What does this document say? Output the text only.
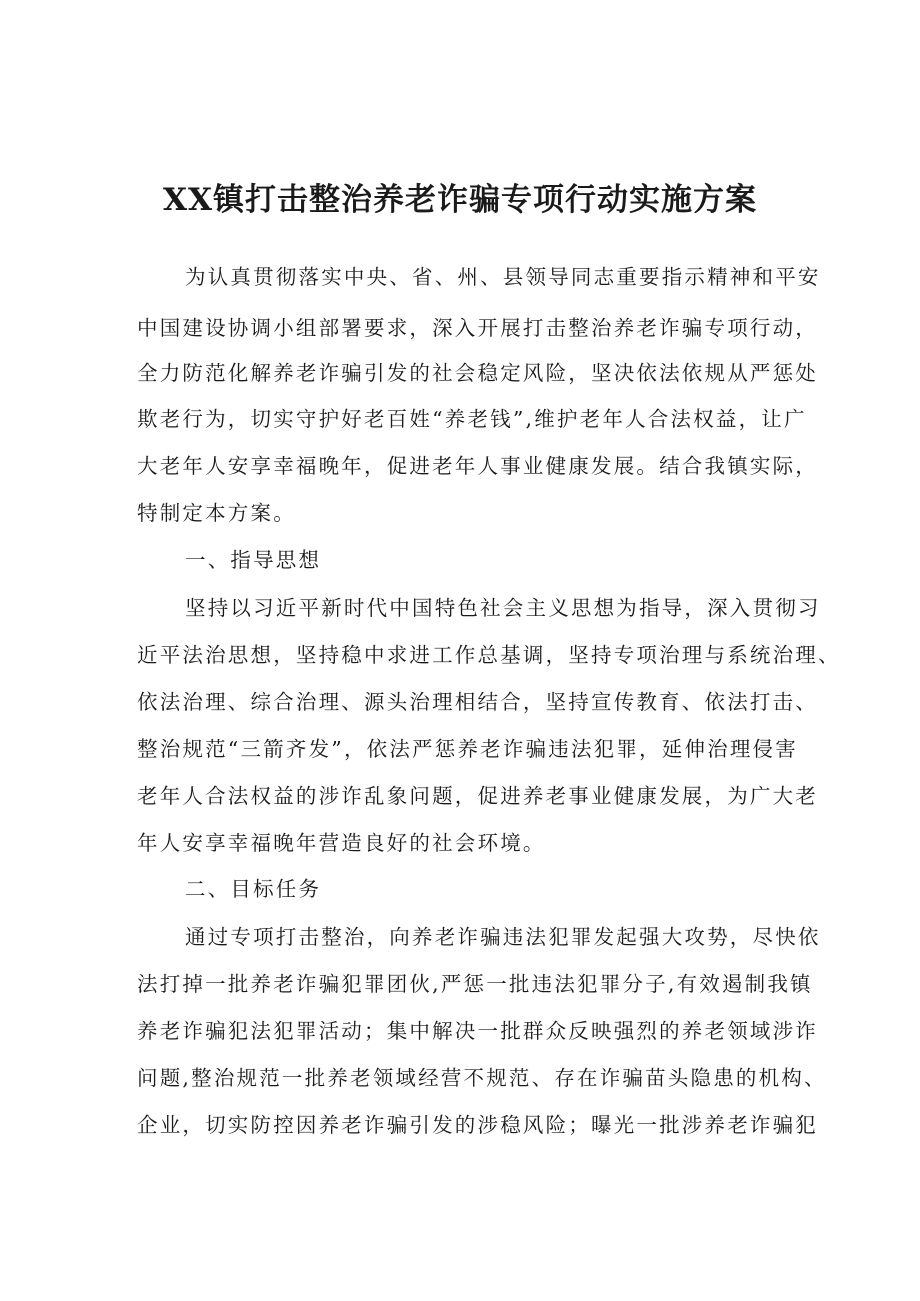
XX镇打击整治养老诈骗专项行动实施方案
为认真贯彻落实中央、省、州、县领导同志重要指示精神和平安
中国建设协调小组部署要求，深入开展打击整治养老诈骗专项行动，
全力防范化解养老诈骗引发的社会稳定风险，坚决依法依规从严惩处
欺老行为，切实守护好老百姓“养老钱”,维护老年人合法权益，让广
大老年人安享幸福晚年，促进老年人事业健康发展。结合我镇实际，
特制定本方案。
一、指导思想
坚持以习近平新时代中国特色社会主义思想为指导，深入贯彻习
近平法治思想，坚持稳中求进工作总基调，坚持专项治理与系统治理、
依法治理、综合治理、源头治理相结合，坚持宣传教育、依法打击、
整治规范“三箭齐发”，依法严惩养老诈骗违法犯罪，延伸治理侵害
老年人合法权益的涉诈乱象问题，促进养老事业健康发展，为广大老
年人安享幸福晚年营造良好的社会环境。
二、目标任务
通过专项打击整治，向养老诈骗违法犯罪发起强大攻势，尽快依
法打掉一批养老诈骗犯罪团伙,严惩一批违法犯罪分子,有效遏制我镇
养老诈骗犯法犯罪活动；集中解决一批群众反映强烈的养老领域涉诈
问题,整治规范一批养老领域经营不规范、存在诈骗苗头隐患的机构、
企业，切实防控因养老诈骗引发的涉稳风险；曝光一批涉养老诈骗犯
